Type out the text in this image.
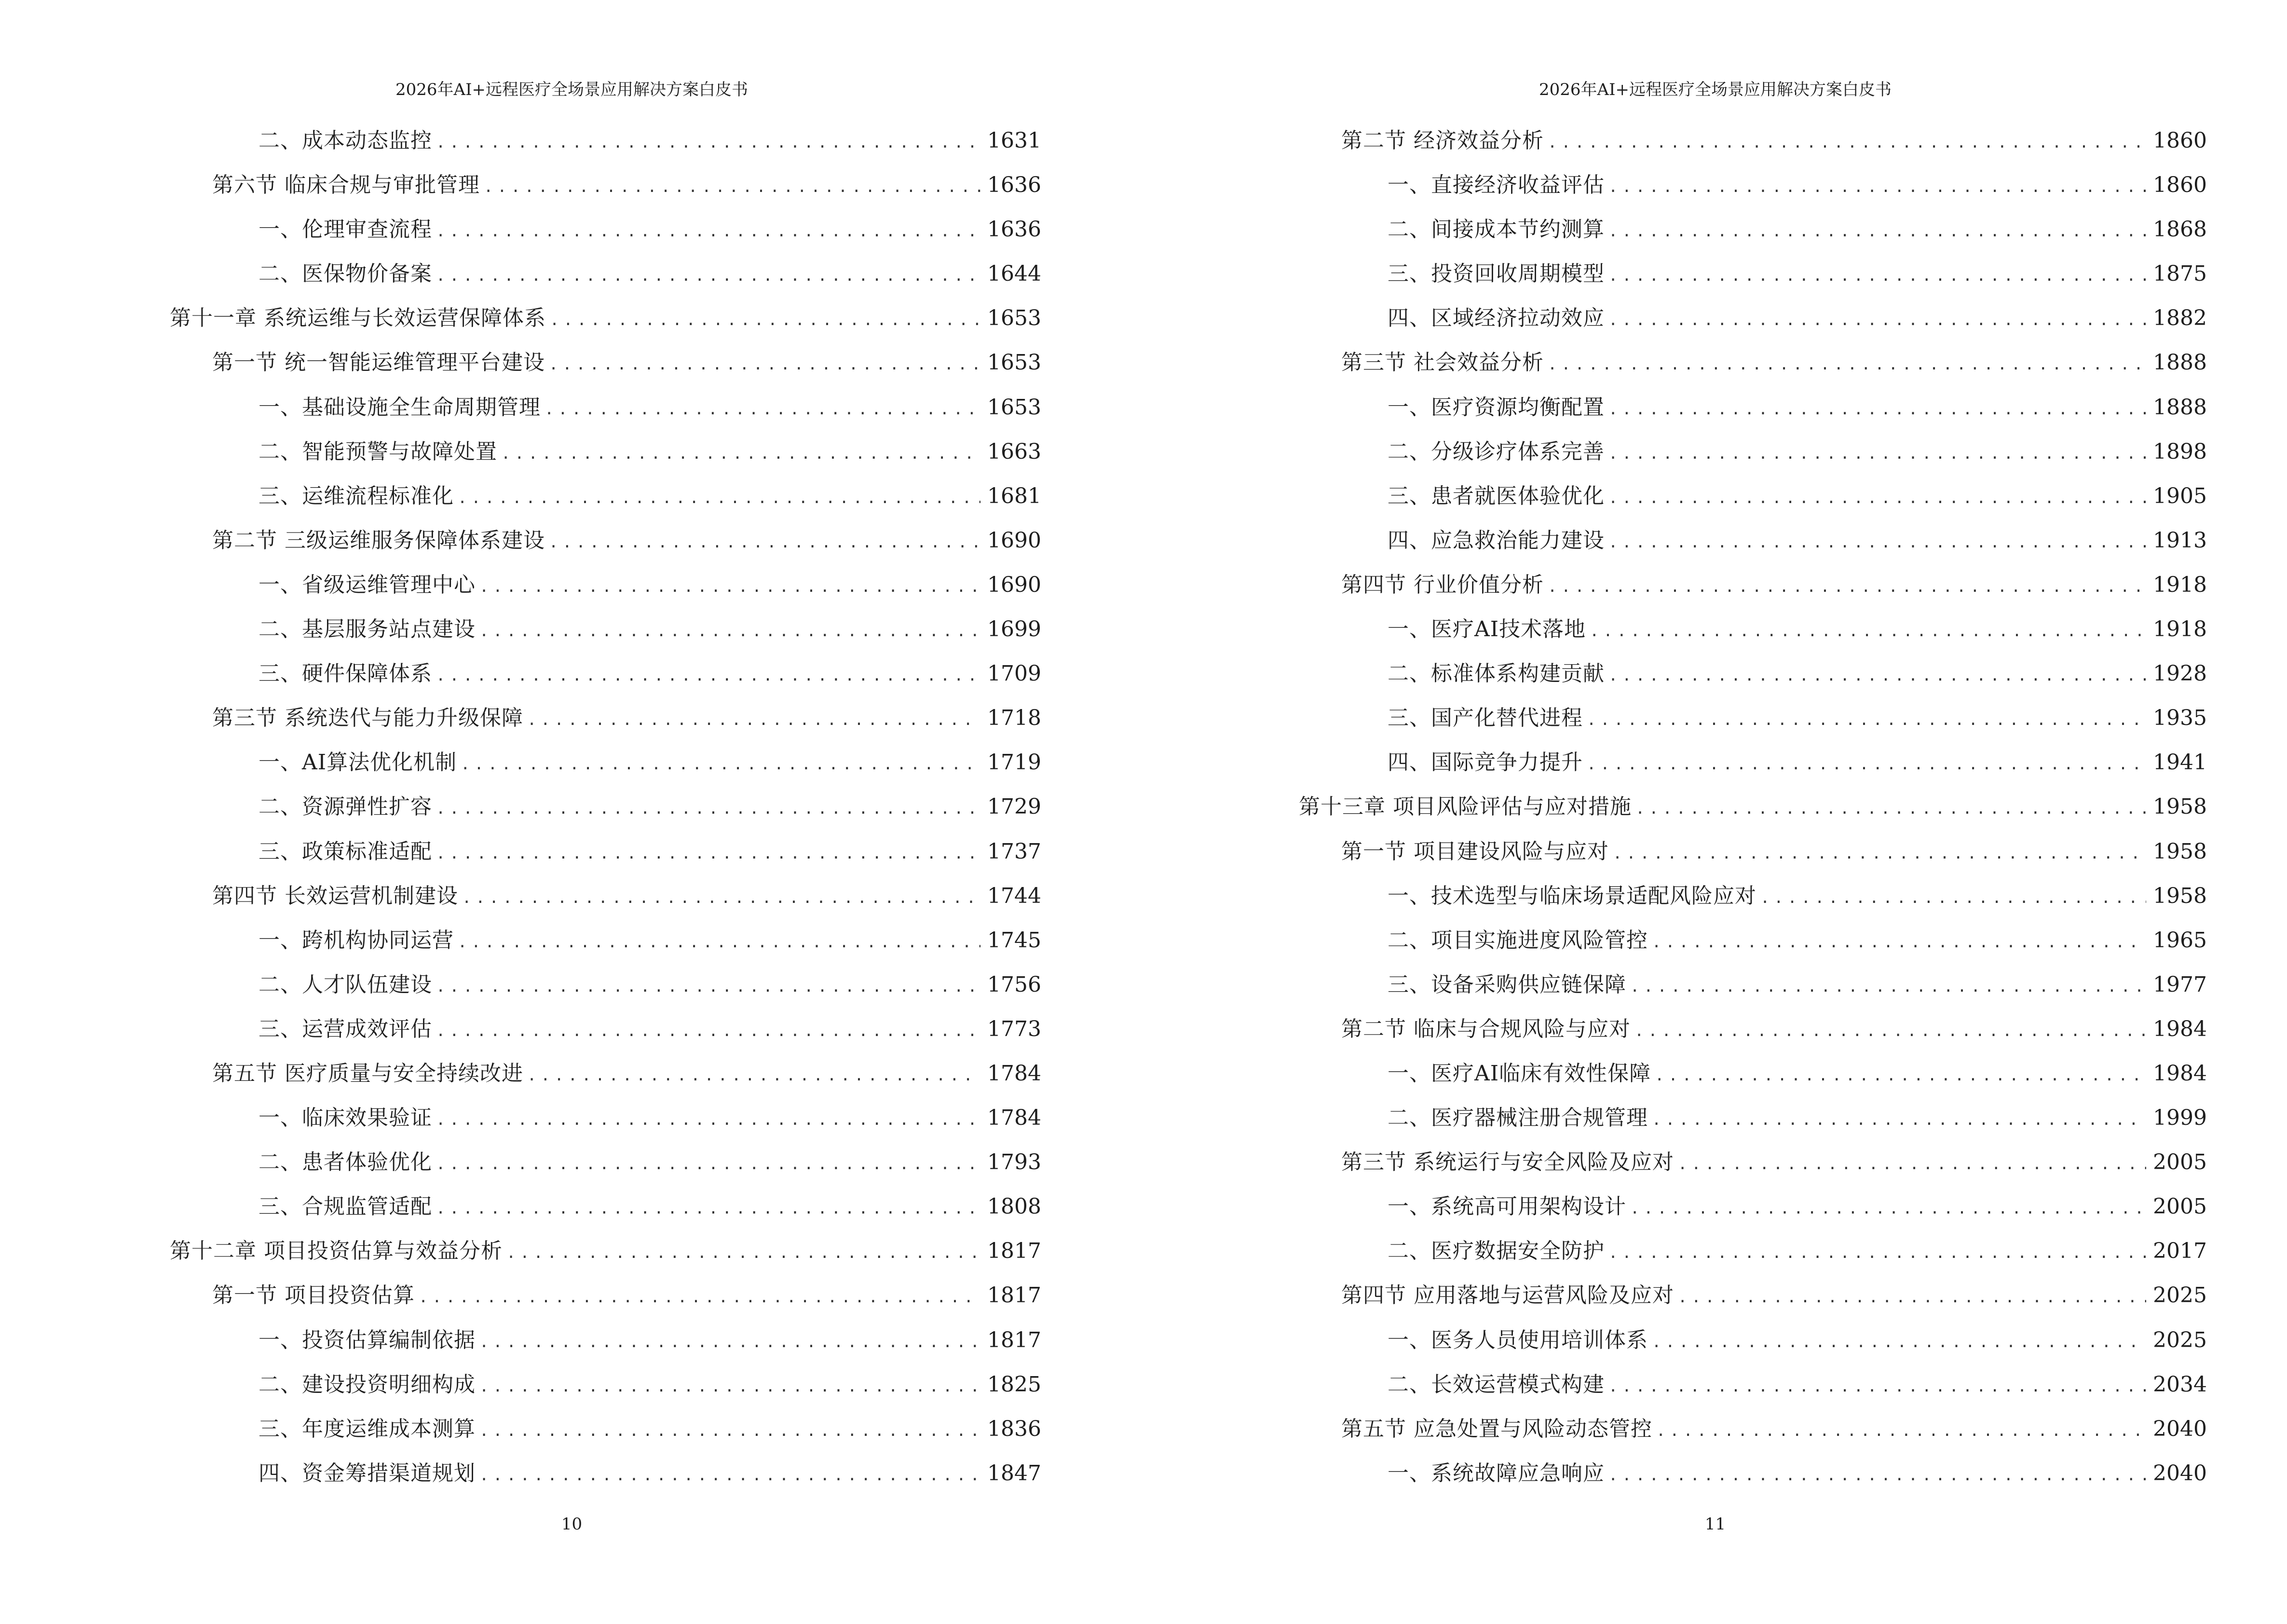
2026年AI+远程医疗全场景应用解决方案白皮书
二、成本动态监控 .....	1631
第六节 临床合规与审批管理 .....	1636
一、伦理审查流程 .....	1636
二、医保物价备案 .....	1644
第十一章 系统运维与长效运营保障体系 .....	1653
第一节 统一智能运维管理平台建设 .....	1653
一、基础设施全生命周期管理 .....	1653
二、智能预警与故障处置 .....	1663
三、运维流程标准化 .....	1681
第二节 三级运维服务保障体系建设 .....	1690
一、省级运维管理中心 .....	1690
二、基层服务站点建设 .....	1699
三、硬件保障体系 .....	1709
第三节 系统迭代与能力升级保障 .....	1718
一、AI算法优化机制 .....	1719
二、资源弹性扩容 .....	1729
三、政策标准适配 .....	1737
第四节 长效运营机制建设 .....	1744
一、跨机构协同运营 .....	1745
二、人才队伍建设 .....	1756
三、运营成效评估 .....	1773
第五节 医疗质量与安全持续改进 .....	1784
一、临床效果验证 .....	1784
二、患者体验优化 .....	1793
三、合规监管适配 .....	1808
第十二章 项目投资估算与效益分析 .....	1817
第一节 项目投资估算 .....	1817
一、投资估算编制依据 .....	1817
二、建设投资明细构成 .....	1825
三、年度运维成本测算 .....	1836
四、资金筹措渠道规划 .....	1847
10
2026年AI+远程医疗全场景应用解决方案白皮书
第二节 经济效益分析 .....	1860
一、直接经济收益评估 .....	1860
二、间接成本节约测算 .....	1868
三、投资回收周期模型 .....	1875
四、区域经济拉动效应 .....	1882
第三节 社会效益分析 .....	1888
一、医疗资源均衡配置 .....	1888
二、分级诊疗体系完善 .....	1898
三、患者就医体验优化 .....	1905
四、应急救治能力建设 .....	1913
第四节 行业价值分析 .....	1918
一、医疗AI技术落地 .....	1918
二、标准体系构建贡献 .....	1928
三、国产化替代进程 .....	1935
四、国际竞争力提升 .....	1941
第十三章 项目风险评估与应对措施 .....	1958
第一节 项目建设风险与应对 .....	1958
一、技术选型与临床场景适配风险应对 .....	1958
二、项目实施进度风险管控 .....	1965
三、设备采购供应链保障 .....	1977
第二节 临床与合规风险与应对 .....	1984
一、医疗AI临床有效性保障 .....	1984
二、医疗器械注册合规管理 .....	1999
第三节 系统运行与安全风险及应对 .....	2005
一、系统高可用架构设计 .....	2005
二、医疗数据安全防护 .....	2017
第四节 应用落地与运营风险及应对 .....	2025
一、医务人员使用培训体系 .....	2025
二、长效运营模式构建 .....	2034
第五节 应急处置与风险动态管控 .....	2040
一、系统故障应急响应 .....	2040
11
